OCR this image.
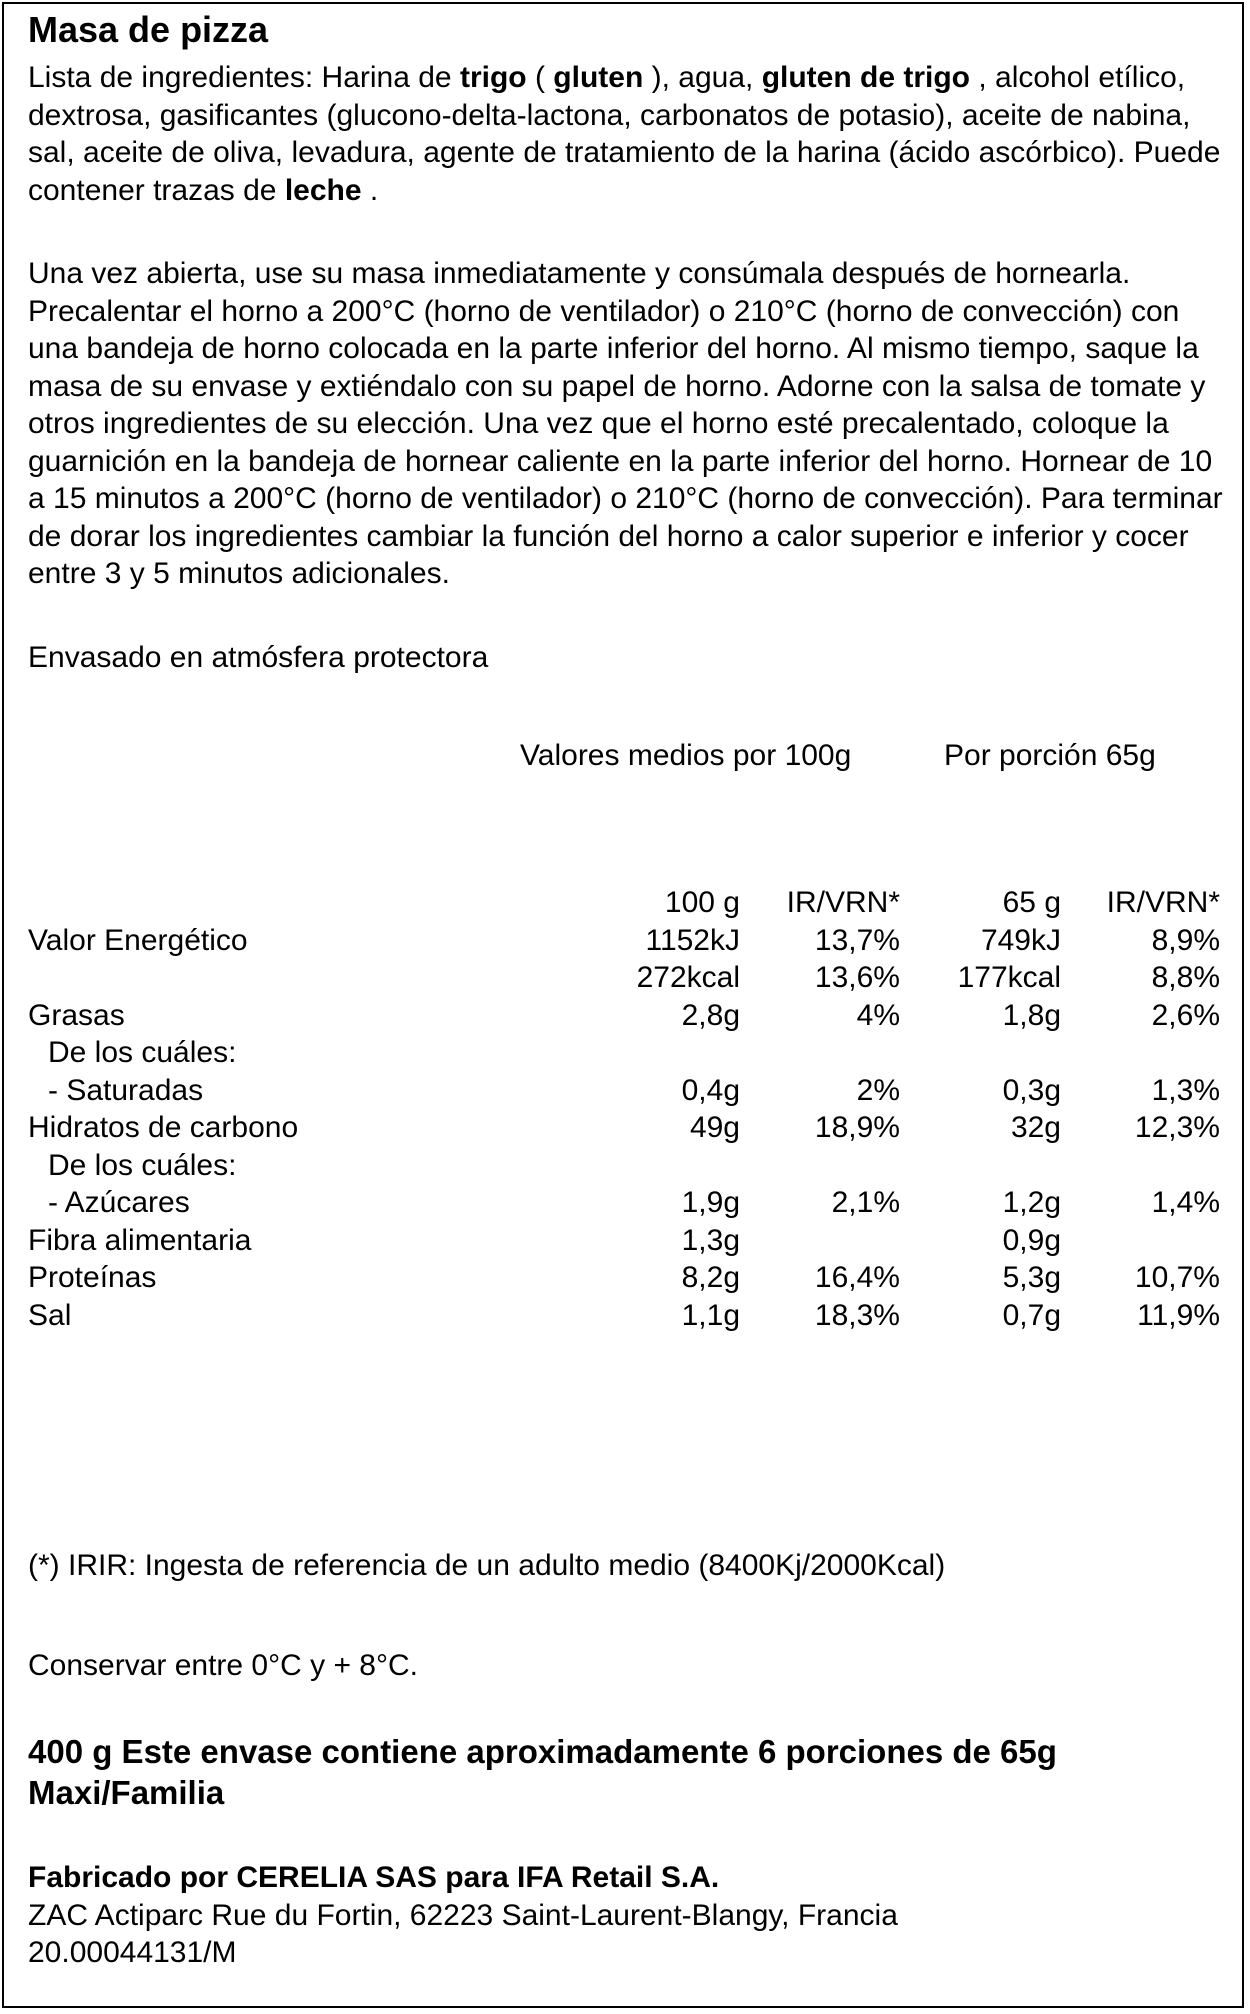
Masa de pizza
Lista de ingredientes: Harina de trigo ( gluten ), agua, gluten de trigo , alcohol etílico, dextrosa, gasificantes (glucono-delta-lactona, carbonatos de potasio), aceite de nabina, sal, aceite de oliva, levadura, agente de tratamiento de la harina (ácido ascórbico). Puede contener trazas de leche .
Una vez abierta, use su masa inmediatamente y consúmala después de hornearla. Precalentar el horno a 200°C (horno de ventilador) o 210°C (horno de convección) con una bandeja de horno colocada en la parte inferior del horno. Al mismo tiempo, saque la masa de su envase y extiéndalo con su papel de horno. Adorne con la salsa de tomate y otros ingredientes de su elección. Una vez que el horno esté precalentado, coloque la guarnición en la bandeja de hornear caliente en la parte inferior del horno. Hornear de 10 a 15 minutos a 200°C (horno de ventilador) o 210°C (horno de convección). Para terminar de dorar los ingredientes cambiar la función del horno a calor superior e inferior y cocer entre 3 y 5 minutos adicionales.
Envasado en atmósfera protectora
Valores medios por 100g	Por porción 65g
100 g IR/VRN*	65 g IR/VRN*
Valor Energético	1152kJ 13,7%	749kJ	8,9%
272kcal 13,6% 177kcal	8,8%
Grasas	2,8g	4%	1,8g	2,6%
De los cuáles:
- Saturadas	0,4g	2%	0,3g	1,3%
Hidratos de carbono	49g 18,9%	32g 12,3%
De los cuáles:
- Azúcares	1,9g	2,1%	1,2g	1,4%
Fibra alimentaria	1,3g	0,9g
Proteínas	8,2g 16,4%	5,3g 10,7%
Sal	1,1g 18,3%	0,7g	11,9%
(*) IRIR: Ingesta de referencia de un adulto medio (8400Kj/2000Kcal)
Conservar entre 0°C y + 8°C.
400 g Este envase contiene aproximadamente 6 porciones de 65g
Maxi/Familia
Fabricado por CERELIA SAS para IFA Retail S.A.
ZAC Actiparc Rue du Fortin, 62223 Saint-Laurent-Blangy, Francia
20.00044131/M
